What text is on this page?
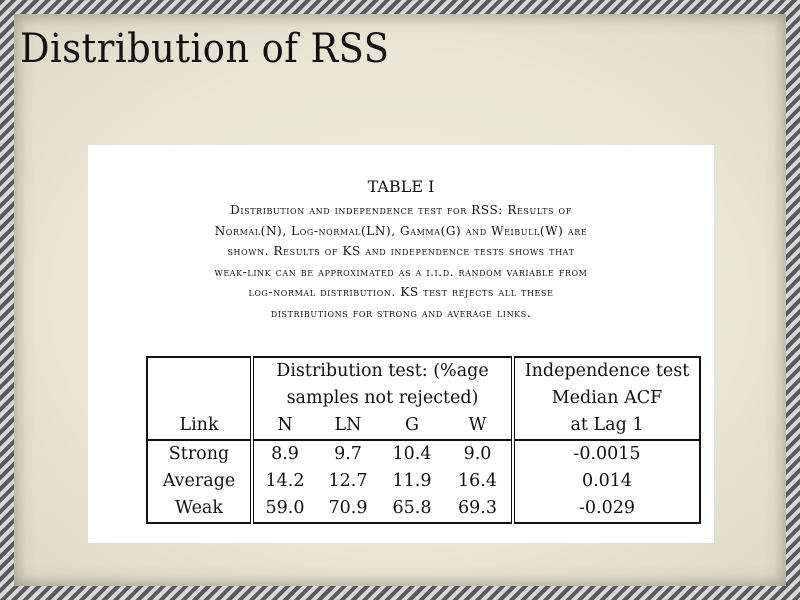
Distribution of RSS
TABLE I
Distribution and independence test for RSS: Results of
Normal(N), Log-normal(LN), Gamma(G) and Weibull(W) are
shown. Results of KS and independence tests shows that
weak-link can be approximated as a i.i.d. random variable from
log-normal distribution. KS test rejects all these
distributions for strong and average links.
	Distribution test: (%age				Independence test
	samples not rejected)				Median ACF
Link	N	LN	G	W	at Lag 1
Strong	8.9	9.7	10.4	9.0	-0.0015
Average	14.2	12.7	11.9	16.4	0.014
Weak	59.0	70.9	65.8	69.3	-0.029
